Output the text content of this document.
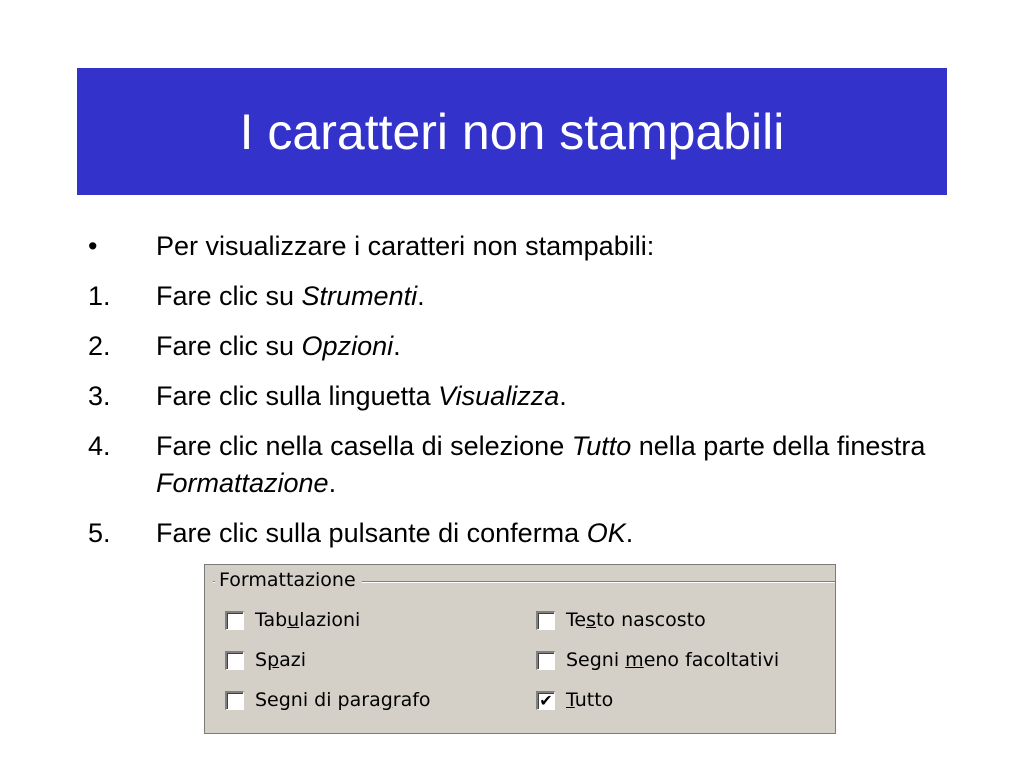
I caratteri non stampabili
•	Per visualizzare i caratteri non stampabili:
1.	Fare clic su Strumenti.
2.	Fare clic su Opzioni.
3.	Fare clic sulla linguetta Visualizza.
4.	Fare clic nella casella di selezione Tutto nella parte della finestra Formattazione.
5.	Fare clic sulla pulsante di conferma OK.
Formattazione
Tabulazioni	Testo nascosto
Spazi	Segni meno facoltativi
Segni di paragrafo	✔ Tutto
